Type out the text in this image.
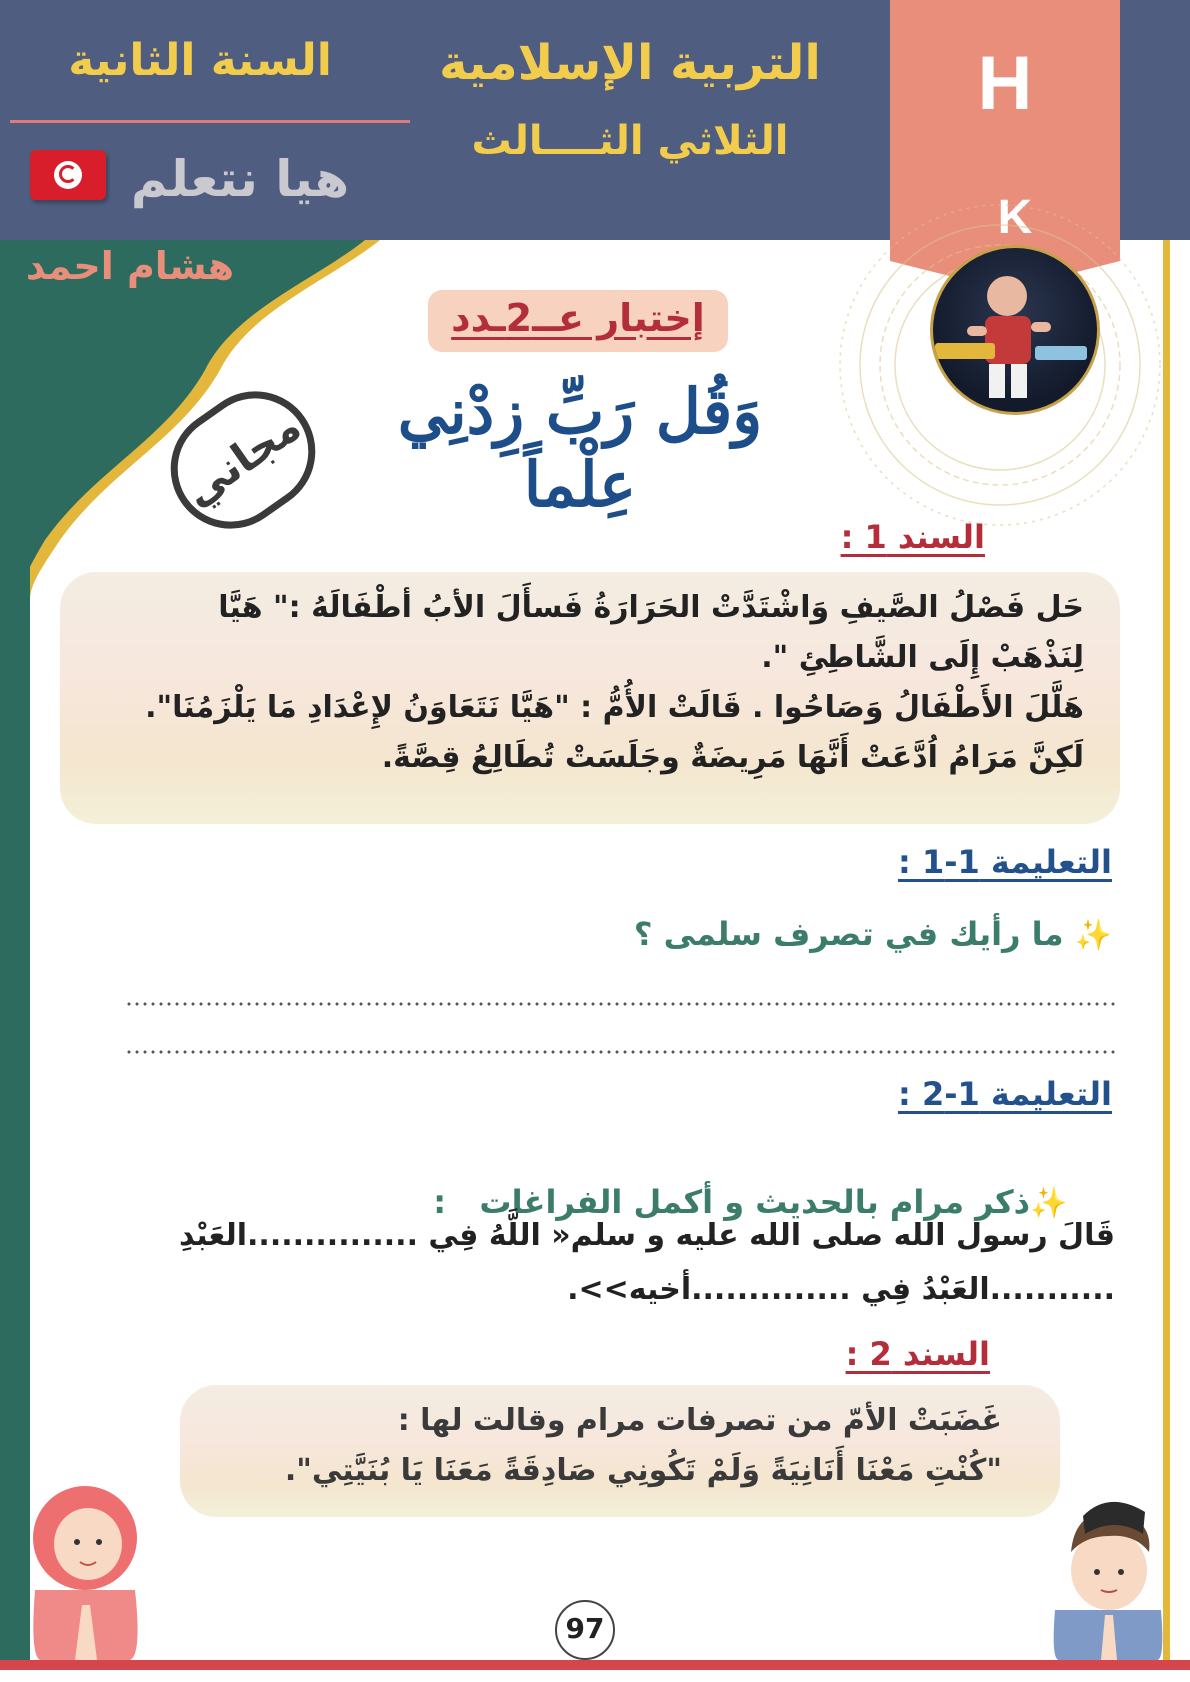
H
K
التربية الإسلامية
الثلاثي الثــــالث
السنة الثانية
هيا نتعلم
هشام احمد
إختبار عــ2ـدد
وَقُل رَبِّ زِدْنِي عِلْماً
مجاني
السند 1 :
حَل فَصْلُ الصَّيفِ وَاشْتَدَّتْ الحَرَارَةُ فَسأَلَ الأبُ أطْفَالَهُ :" هَيَّا
لِنَذْهَبْ إِلَى الشَّاطِئِ ".
هَلَّلَ الأَطْفَالُ وَصَاحُوا . قَالَتْ الأُمُّ : "هَيَّا نَتَعَاوَنُ لإِعْدَادِ مَا يَلْزَمُنَا".
لَكِنَّ مَرَامُ اُدَّعَتْ أَنَّهَا مَرِيضَةٌ وجَلَسَتْ تُطَالِعُ قِصَّةً.
التعليمة 1-1 :
✨ ما رأيك في تصرف سلمى ؟
التعليمة 1-2 :

✨ذكر مرام بالحديث و أكمل الفراغات   :

قَالَ رسول الله صلى الله عليه و سلم« اللَّهُ فِي ...............العَبْدِ
...........العَبْدُ فِي ..............أخيه>>.
السند 2 :
غَضَبَتْ الأمّ من تصرفات مرام وقالت لها :
"كُنْتِ مَعْنَا أَنَانِيَةً وَلَمْ تَكُونِي صَادِقَةً مَعَنَا يَا بُنَيَّتِي".
97
